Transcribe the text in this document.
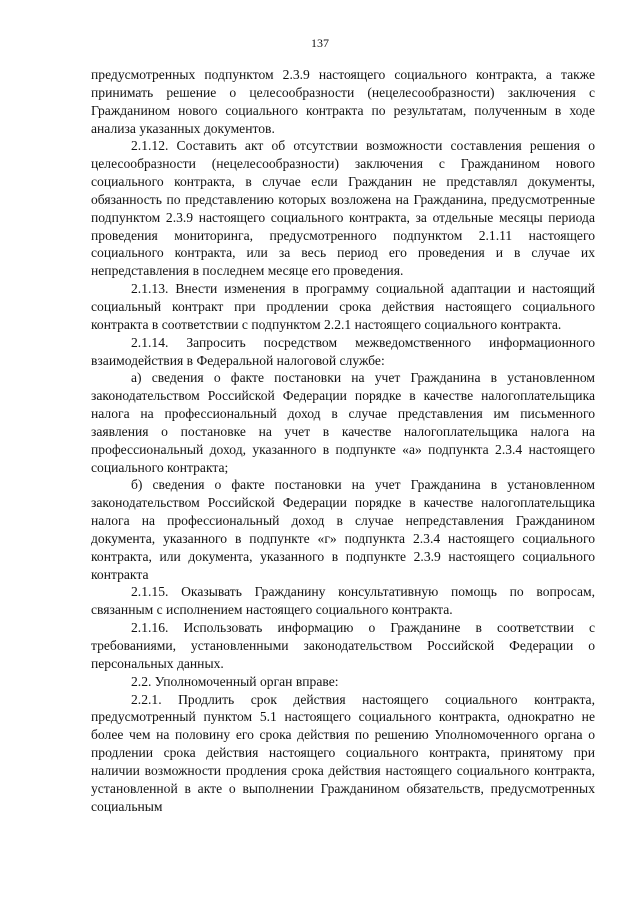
137

предусмотренных подпунктом 2.3.9 настоящего социального контракта, а также принимать решение о целесообразности (нецелесообразности) заключения с Гражданином нового социального контракта по результатам, полученным в ходе анализа указанных документов.

2.1.12. Составить акт об отсутствии возможности составления решения о целесообразности (нецелесообразности) заключения с Гражданином нового социального контракта, в случае если Гражданин не представлял документы, обязанность по представлению которых возложена на Гражданина, предусмотренные подпунктом 2.3.9 настоящего социального контракта, за отдельные месяцы периода проведения мониторинга, предусмотренного подпунктом 2.1.11 настоящего социального контракта, или за весь период его проведения и в случае их непредставления в последнем месяце его проведения.

2.1.13. Внести изменения в программу социальной адаптации и настоящий социальный контракт при продлении срока действия настоящего социального контракта в соответствии с подпунктом 2.2.1 настоящего социального контракта.

2.1.14. Запросить посредством межведомственного информационного взаимодействия в Федеральной налоговой службе:

а) сведения о факте постановки на учет Гражданина в установленном законодательством Российской Федерации порядке в качестве налогоплательщика налога на профессиональный доход в случае представления им письменного заявления о постановке на учет в качестве налогоплательщика налога на профессиональный доход, указанного в подпункте «а» подпункта 2.3.4 настоящего социального контракта;

б) сведения о факте постановки на учет Гражданина в установленном законодательством Российской Федерации порядке в качестве налогоплательщика налога на профессиональный доход в случае непредставления Гражданином документа, указанного в подпункте «г» подпункта 2.3.4 настоящего социального контракта, или документа, указанного в подпункте 2.3.9 настоящего социального контракта

2.1.15. Оказывать Гражданину консультативную помощь по вопросам, связанным с исполнением настоящего социального контракта.

2.1.16. Использовать информацию о Гражданине в соответствии с требованиями, установленными законодательством Российской Федерации о персональных данных.

2.2. Уполномоченный орган вправе:

2.2.1. Продлить срок действия настоящего социального контракта, предусмотренный пунктом 5.1 настоящего социального контракта, однократно не более чем на половину его срока действия по решению Уполномоченного органа о продлении срока действия настоящего социального контракта, принятому при наличии возможности продления срока действия настоящего социального контракта, установленной в акте о выполнении Гражданином обязательств, предусмотренных социальным
